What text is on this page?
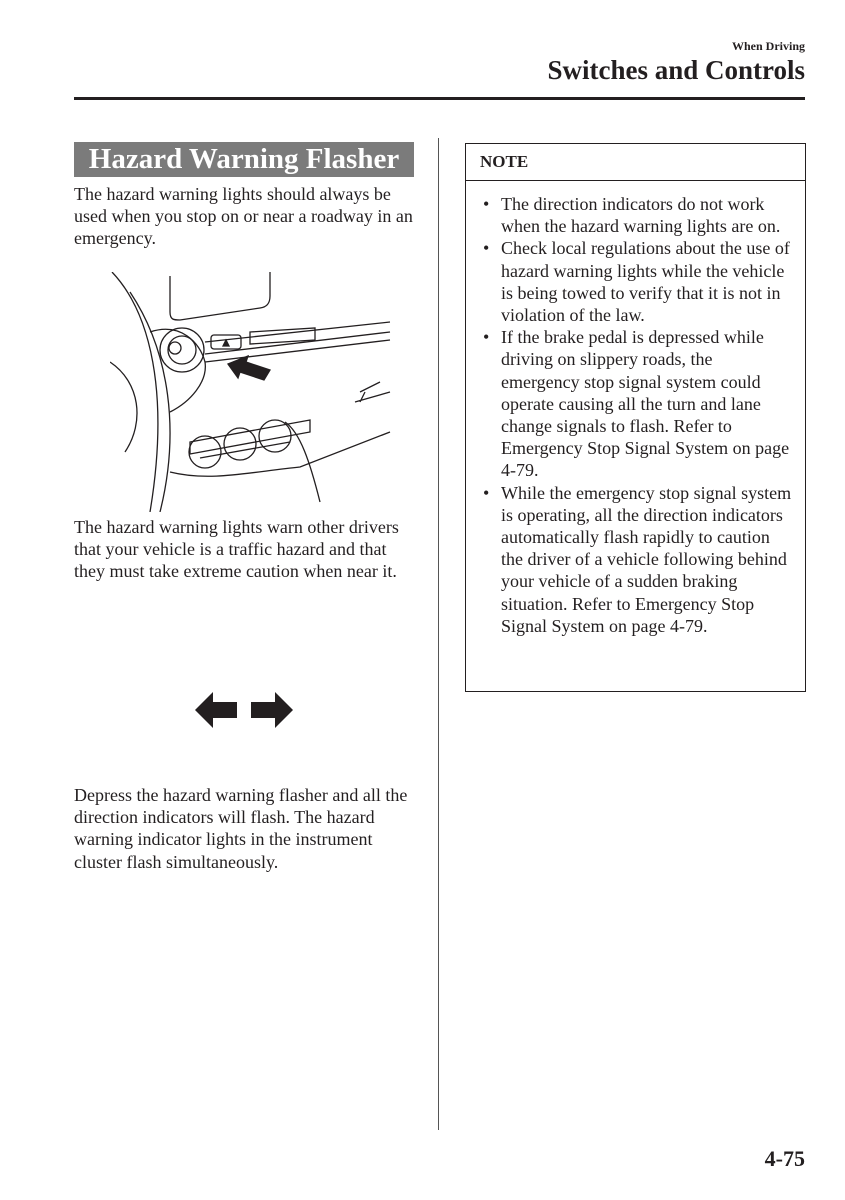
When Driving
Switches and Controls
Hazard Warning Flasher

The hazard warning lights should always be used when you stop on or near a roadway in an emergency.

The hazard warning lights warn other drivers that your vehicle is a traffic hazard and that they must take extreme caution when near it.

Depress the hazard warning flasher and all the direction indicators will flash. The hazard warning indicator lights in the instrument cluster flash simultaneously.

NOTE
• The direction indicators do not work when the hazard warning lights are on.
• Check local regulations about the use of hazard warning lights while the vehicle is being towed to verify that it is not in violation of the law.
• If the brake pedal is depressed while driving on slippery roads, the emergency stop signal system could operate causing all the turn and lane change signals to flash. Refer to Emergency Stop Signal System on page 4-79.
• While the emergency stop signal system is operating, all the direction indicators automatically flash rapidly to caution the driver of a vehicle following behind your vehicle of a sudden braking situation. Refer to Emergency Stop Signal System on page 4-79.
4-75
